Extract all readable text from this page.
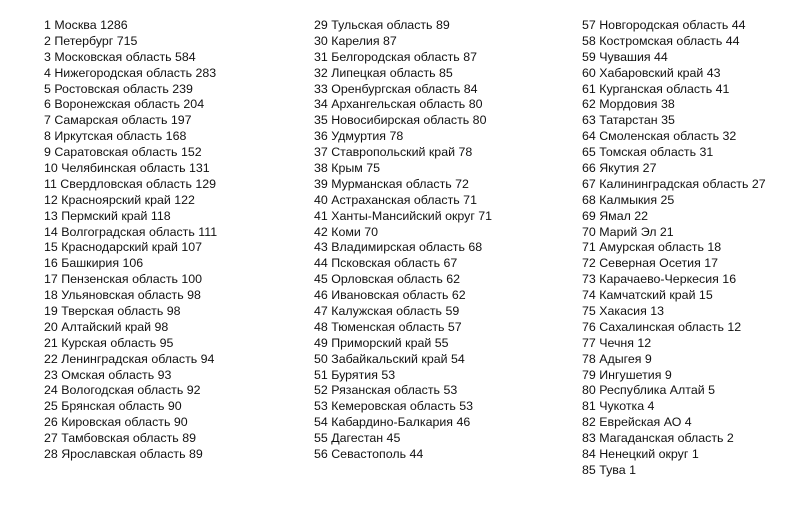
1 Москва 1286
2 Петербург 715
3 Московская область 584
4 Нижегородская область 283
5 Ростовская область 239
6 Воронежская область 204
7 Самарская область 197
8 Иркутская область 168
9 Саратовская область 152
10 Челябинская область 131
11 Свердловская область 129
12 Красноярский край 122
13 Пермский край 118
14 Волгоградская область 111
15 Краснодарский край 107
16 Башкирия 106
17 Пензенская область 100
18 Ульяновская область 98
19 Тверская область 98
20 Алтайский край 98
21 Курская область 95
22 Ленинградская область 94
23 Омская область 93
24 Вологодская область 92
25 Брянская область 90
26 Кировская область 90
27 Тамбовская область 89
28 Ярославская область 89
29 Тульская область 89
30 Карелия 87
31 Белгородская область 87
32 Липецкая область 85
33 Оренбургская область 84
34 Архангельская область 80
35 Новосибирская область 80
36 Удмуртия 78
37 Ставропольский край 78
38 Крым 75
39 Мурманская область 72
40 Астраханская область 71
41 Ханты-Мансийский округ 71
42 Коми 70
43 Владимирская область 68
44 Псковская область 67
45 Орловская область 62
46 Ивановская область 62
47 Калужская область 59
48 Тюменская область 57
49 Приморский край 55
50 Забайкальский край 54
51 Бурятия 53
52 Рязанская область 53
53 Кемеровская область 53
54 Кабардино-Балкария 46
55 Дагестан 45
56 Севастополь 44
57 Новгородская область 44
58 Костромская область 44
59 Чувашия 44
60 Хабаровский край 43
61 Курганская область 41
62 Мордовия 38
63 Татарстан 35
64 Смоленская область 32
65 Томская область 31
66 Якутия 27
67 Калининградская область 27
68 Калмыкия 25
69 Ямал 22
70 Марий Эл 21
71 Амурская область 18
72 Северная Осетия 17
73 Карачаево-Черкесия 16
74 Камчатский край 15
75 Хакасия 13
76 Сахалинская область 12
77 Чечня 12
78 Адыгея 9
79 Ингушетия 9
80 Республика Алтай 5
81 Чукотка 4
82 Еврейская АО 4
83 Магаданская область 2
84 Ненецкий округ 1
85 Тува 1
